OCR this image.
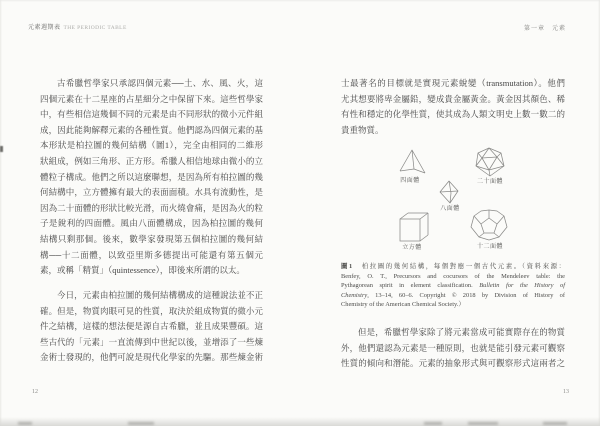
元素週期表 THE PERIODIC TABLE	第一章　元素
古希臘哲學家只承認四個元素──土、水、風、火，這
四個元素在十二星座的占星細分之中保留下來。這些哲學家
中，有些相信這幾個不同的元素是由不同形狀的微小元件組
成，因此能夠解釋元素的各種性質。他們認為四個元素的基
本形狀是柏拉圖的幾何結構（圖1），完全由相同的二維形
狀組成，例如三角形、正方形。希臘人相信地球由微小的立
體粒子構成。他們之所以這麼聯想，是因為所有柏拉圖的幾
何結構中，立方體擁有最大的表面面積。水具有流動性，是
因為二十面體的形狀比較光滑，而火燒會痛，是因為火的粒
子是銳利的四面體。風由八面體構成，因為柏拉圖的幾何
結構只剩那個。後來，數學家發現第五個柏拉圖的幾何結
構──十二面體，以致亞里斯多德提出可能還有第五個元
素，或稱「精質」（quintessence），即後來所謂的以太。
今日，元素由柏拉圖的幾何結構構成的這種說法並不正
確。但是，物質肉眼可見的性質，取決於組成物質的微小元
件之結構，這樣的想法便是源自古希臘，並且成果豐碩。這
些古代的「元素」一直流傳到中世紀以後，並增添了一些煉
金術士發現的，他們可說是現代化學家的先驅。那些煉金術
士最著名的目標就是實現元素蛻變（transmutation）。他們
尤其想要將卑金屬鉛，變成貴金屬黃金。黃金因其顏色、稀
有性和穩定的化學性質，使其成為人類文明史上數一數二的
貴重物質。
四面體	二十面體
八面體
立方體	十二面體
圖1　柏拉圖的幾何結構，每個對應一個古代元素。（資料來源：
Benfey, O. T., Precursors and cocursors of the Mendeleev table: the
Pythagorean spirit in element classification. Bulletin for the History of
Chemistry, 13–14, 60–6. Copyright © 2018 by Division of History of
Chemistry of the American Chemical Society.）
但是，希臘哲學家除了將元素當成可能實際存在的物質
外，他們還認為元素是一種原則，也就是能引發元素可觀察
性質的傾向和潛能。元素的抽象形式與可觀察形式這兩者之
12	13
